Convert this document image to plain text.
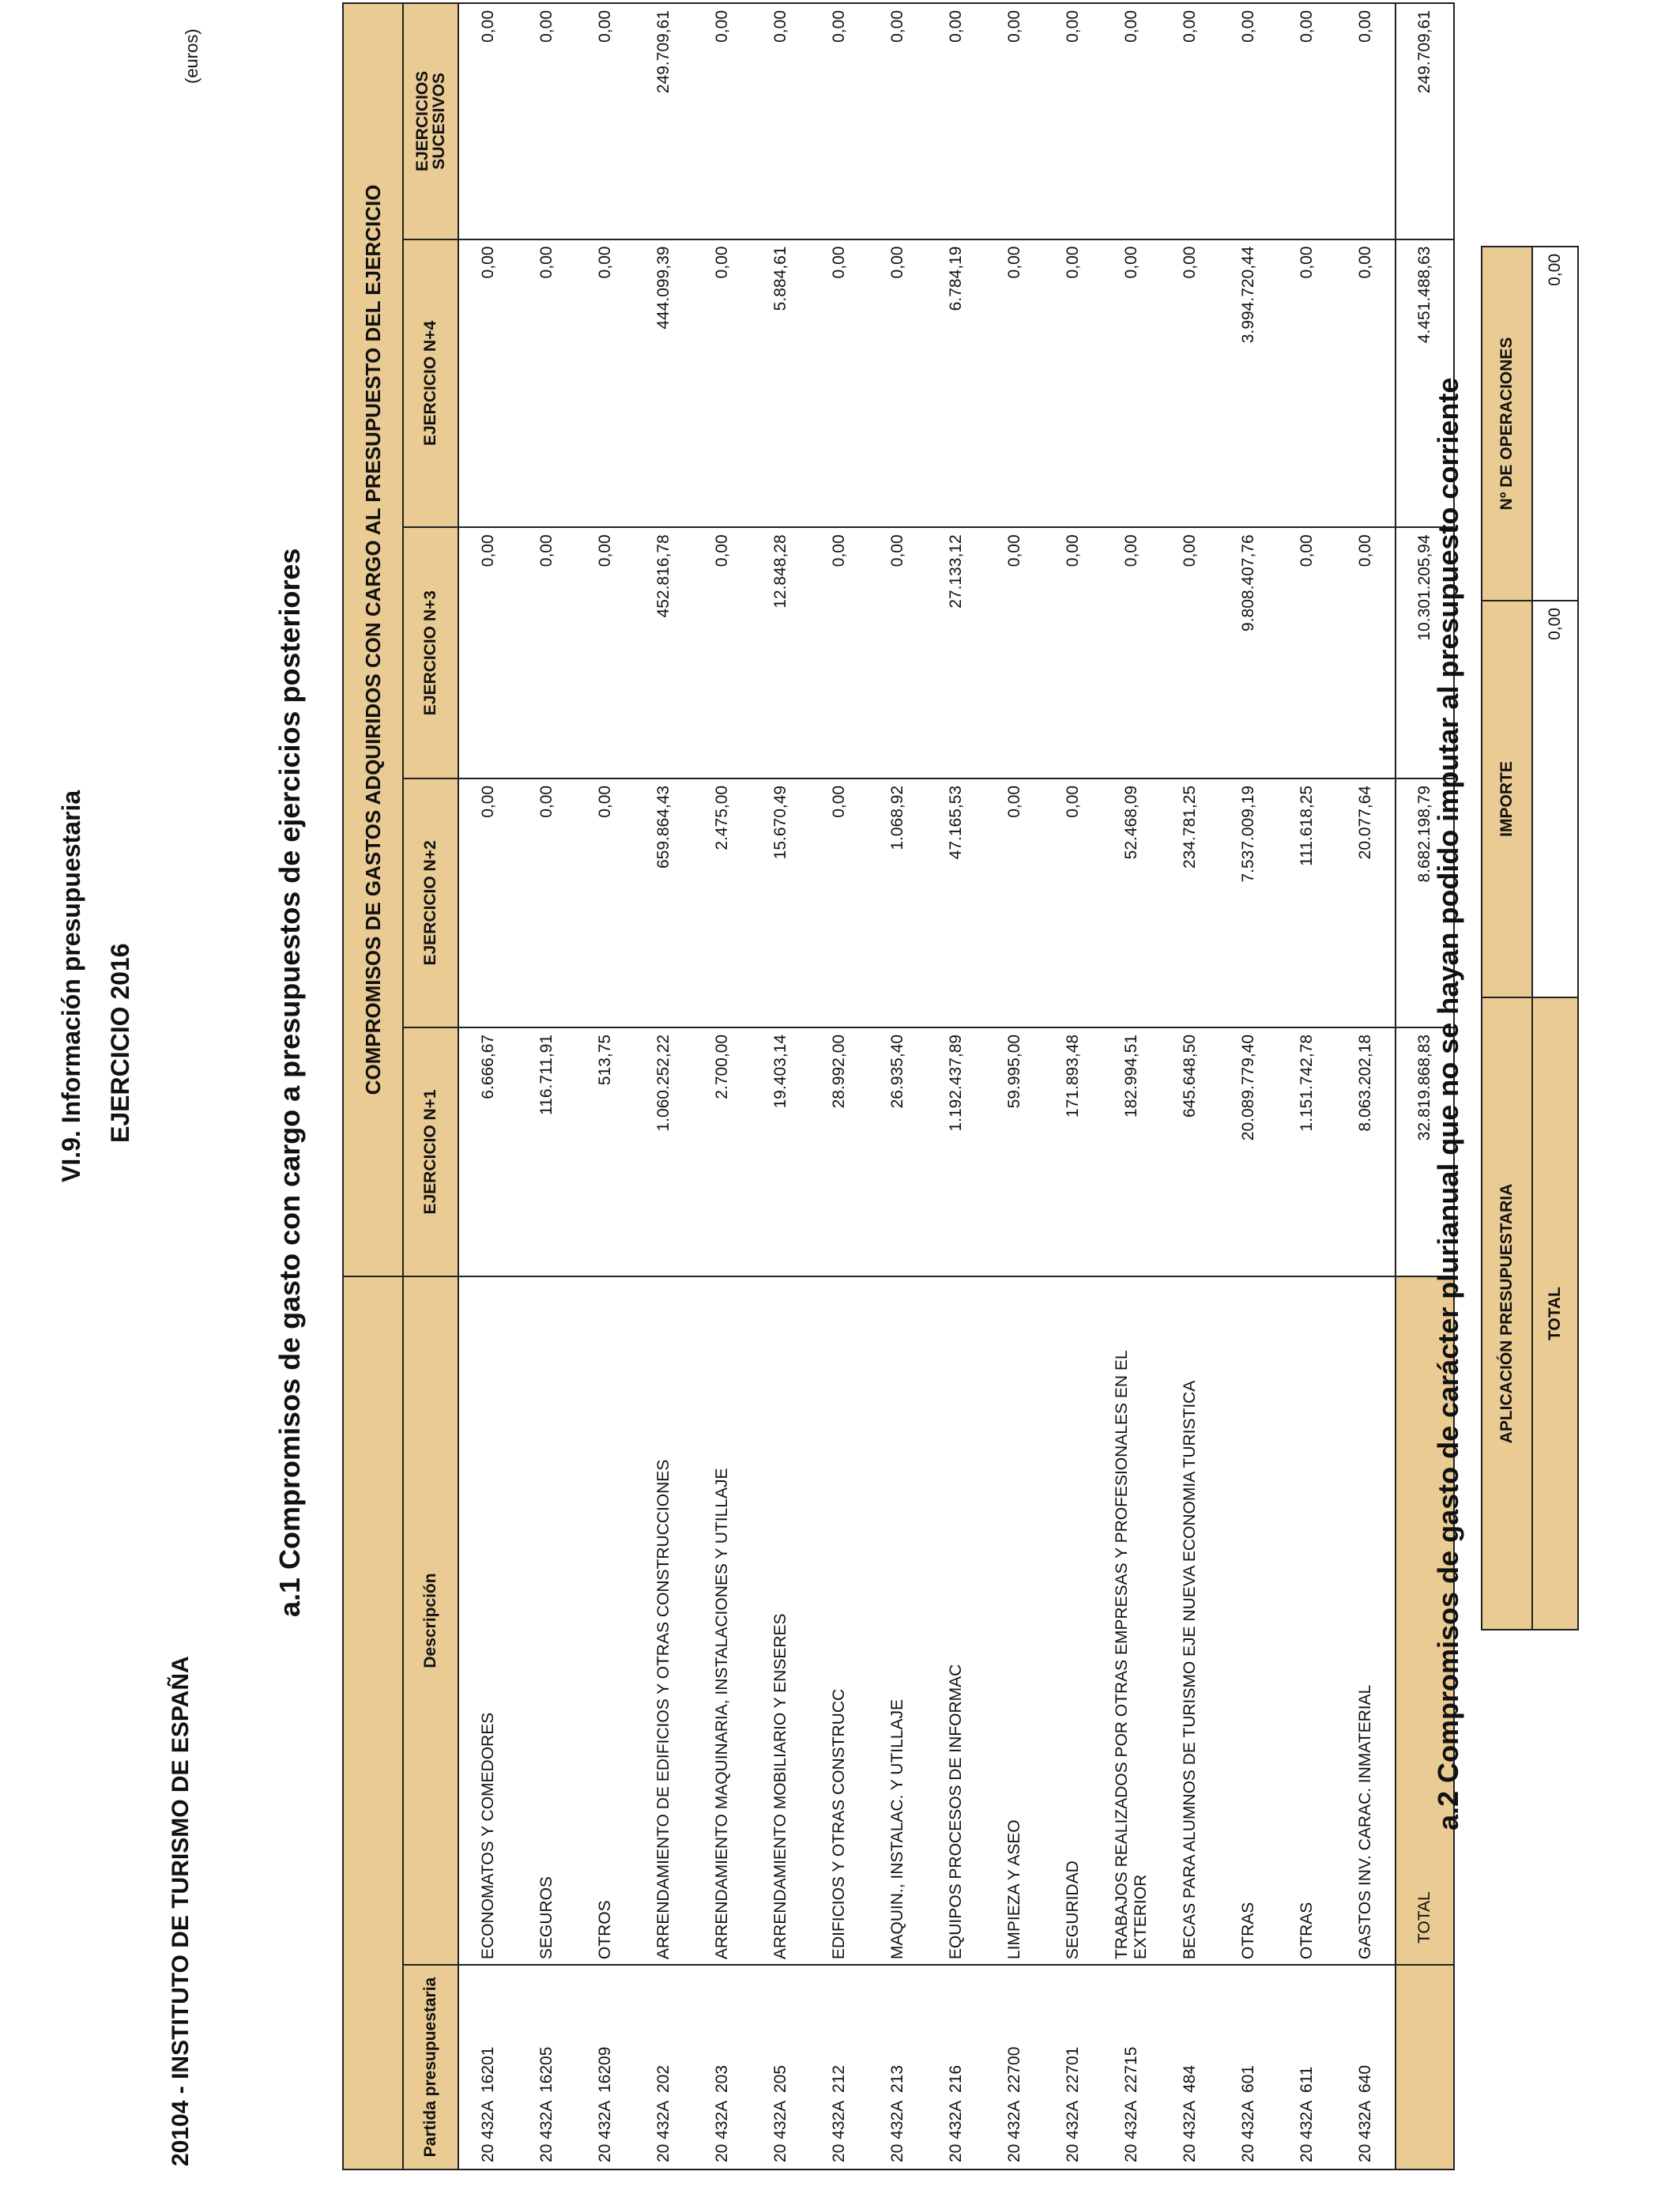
VI.9. Información presupuestaria EJERCICIO 2016
20104 - INSTITUTO DE TURISMO DE ESPAÑA
(euros)
a.1 Compromisos de gasto con cargo a presupuestos de ejercicios posteriores
		COMPROMISOS DE GASTOS ADQUIRIDOS CON CARGO AL PRESUPUESTO DEL EJERCICIO				
Partida presupuestaria	Descripción	EJERCICIO N+1	EJERCICIO N+2	EJERCICIO N+3	EJERCICIO N+4	EJERCICIOS
SUCESIVOS
20 432A16201	ECONOMATOS Y COMEDORES	6.666,67	0,00	0,00	0,00	0,00
20 432A16205	SEGUROS	116.711,91	0,00	0,00	0,00	0,00
20 432A16209	OTROS	513,75	0,00	0,00	0,00	0,00
20 432A202	ARRENDAMIENTO DE EDIFICIOS Y OTRAS CONSTRUCCIONES	1.060.252,22	659.864,43	452.816,78	444.099,39	249.709,61
20 432A203	ARRENDAMIENTO MAQUINARIA, INSTALACIONES Y UTILLAJE	2.700,00	2.475,00	0,00	0,00	0,00
20 432A205	ARRENDAMIENTO MOBILIARIO Y ENSERES	19.403,14	15.670,49	12.848,28	5.884,61	0,00
20 432A212	EDIFICIOS Y OTRAS CONSTRUCC	28.992,00	0,00	0,00	0,00	0,00
20 432A213	MAQUIN., INSTALAC. Y UTILLAJE	26.935,40	1.068,92	0,00	0,00	0,00
20 432A216	EQUIPOS PROCESOS DE INFORMAC	1.192.437,89	47.165,53	27.133,12	6.784,19	0,00
20 432A22700	LIMPIEZA Y ASEO	59.995,00	0,00	0,00	0,00	0,00
20 432A22701	SEGURIDAD	171.893,48	0,00	0,00	0,00	0,00
20 432A22715	TRABAJOS REALIZADOS POR OTRAS EMPRESAS Y PROFESIONALES EN EL EXTERIOR	182.994,51	52.468,09	0,00	0,00	0,00
20 432A484	BECAS PARA ALUMNOS DE TURISMO EJE NUEVA ECONOMIA TURISTICA	645.648,50	234.781,25	0,00	0,00	0,00
20 432A601	OTRAS	20.089.779,40	7.537.009,19	9.808.407,76	3.994.720,44	0,00
20 432A611	OTRAS	1.151.742,78	111.618,25	0,00	0,00	0,00
20 432A640	GASTOS INV. CARAC. INMATERIAL	8.063.202,18	20.077,64	0,00	0,00	0,00
	TOTAL	32.819.868,83	8.682.198,79	10.301.205,94	4.451.488,63	249.709,61
a.2 Compromisos de gasto de carácter plurianual que no se hayan podido imputar al presupuesto corriente APLICACIÓN PRESUPUESTARIA	IMPORTE	Nº DE OPERACIONES
TOTAL	0,00	0,00
